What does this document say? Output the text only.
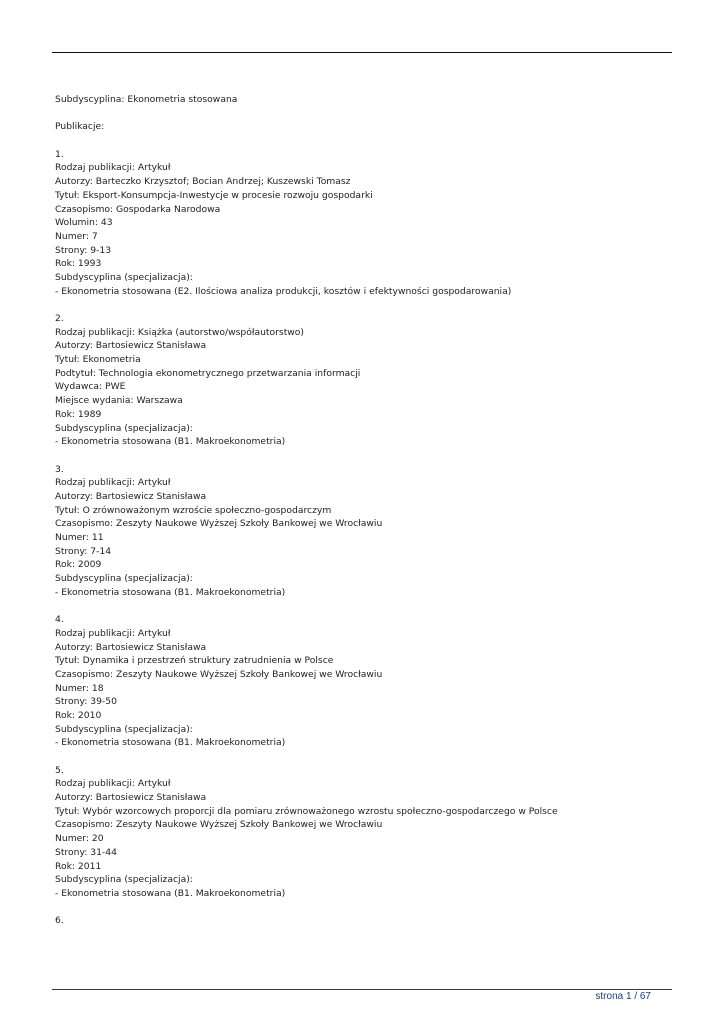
Subdyscyplina: Ekonometria stosowana
Publikacje:
1.
Rodzaj publikacji: Artykuł
Autorzy: Barteczko Krzysztof; Bocian Andrzej; Kuszewski Tomasz
Tytuł: Eksport-Konsumpcja-Inwestycje w procesie rozwoju gospodarki
Czasopismo: Gospodarka Narodowa
Wolumin: 43
Numer: 7
Strony: 9-13
Rok: 1993
Subdyscyplina (specjalizacja):
- Ekonometria stosowana (E2. Ilościowa analiza produkcji, kosztów i efektywności gospodarowania)
2.
Rodzaj publikacji: Książka (autorstwo/współautorstwo)
Autorzy: Bartosiewicz Stanisława
Tytuł: Ekonometria
Podtytuł: Technologia ekonometrycznego przetwarzania informacji
Wydawca: PWE
Miejsce wydania: Warszawa
Rok: 1989
Subdyscyplina (specjalizacja):
- Ekonometria stosowana (B1. Makroekonometria)
3.
Rodzaj publikacji: Artykuł
Autorzy: Bartosiewicz Stanisława
Tytuł: O zrównoważonym wzroście społeczno-gospodarczym
Czasopismo: Zeszyty Naukowe Wyższej Szkoły Bankowej we Wrocławiu
Numer: 11
Strony: 7-14
Rok: 2009
Subdyscyplina (specjalizacja):
- Ekonometria stosowana (B1. Makroekonometria)
4.
Rodzaj publikacji: Artykuł
Autorzy: Bartosiewicz Stanisława
Tytuł: Dynamika i przestrzeń struktury zatrudnienia w Polsce
Czasopismo: Zeszyty Naukowe Wyższej Szkoły Bankowej we Wrocławiu
Numer: 18
Strony: 39-50
Rok: 2010
Subdyscyplina (specjalizacja):
- Ekonometria stosowana (B1. Makroekonometria)
5.
Rodzaj publikacji: Artykuł
Autorzy: Bartosiewicz Stanisława
Tytuł: Wybór wzorcowych proporcji dla pomiaru zrównoważonego wzrostu społeczno-gospodarczego w Polsce
Czasopismo: Zeszyty Naukowe Wyższej Szkoły Bankowej we Wrocławiu
Numer: 20
Strony: 31-44
Rok: 2011
Subdyscyplina (specjalizacja):
- Ekonometria stosowana (B1. Makroekonometria)
6.
strona 1 / 67
